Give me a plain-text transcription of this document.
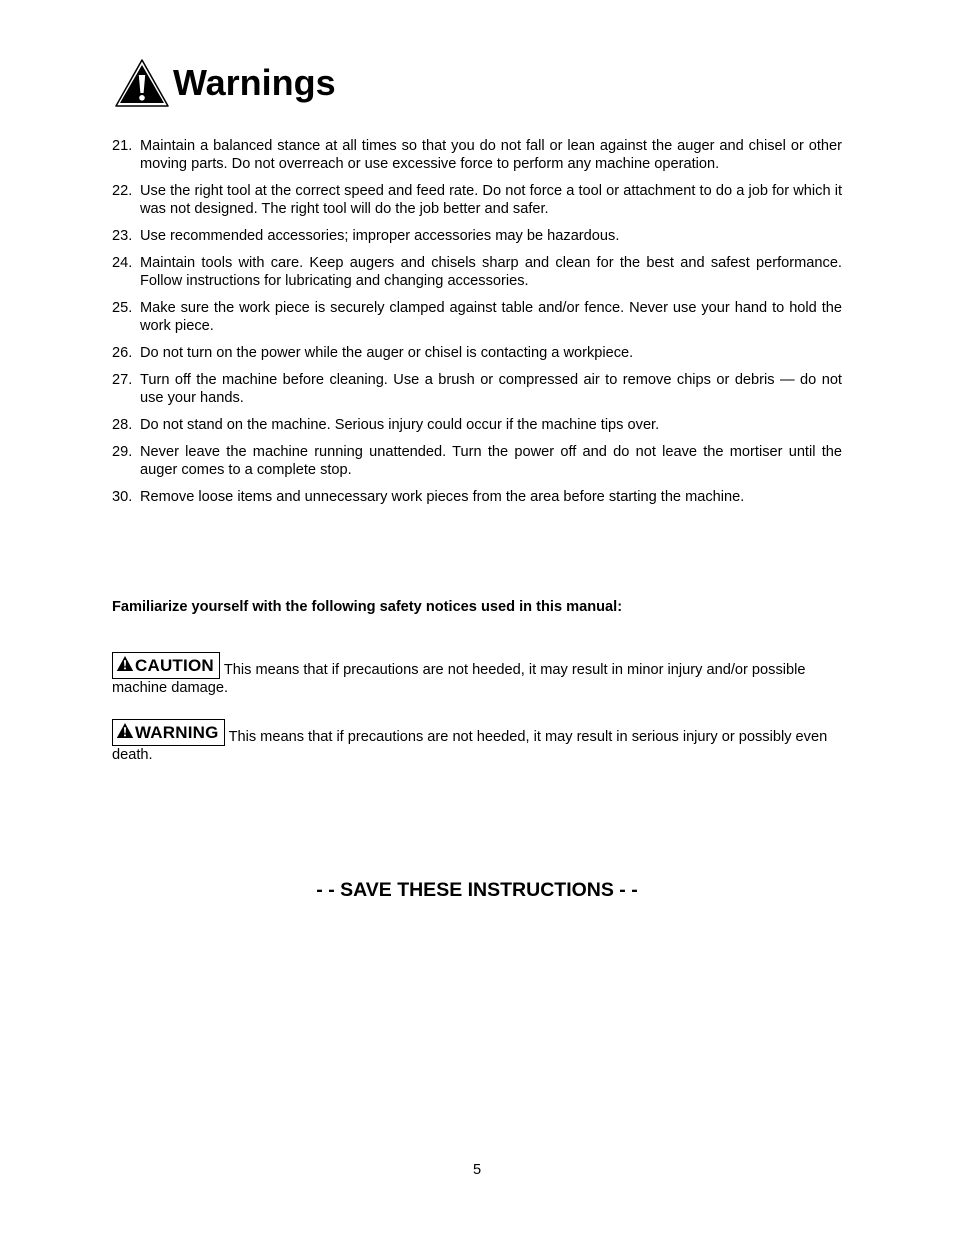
Warnings
21. Maintain a balanced stance at all times so that you do not fall or lean against the auger and chisel or other moving parts. Do not overreach or use excessive force to perform any machine operation.
22. Use the right tool at the correct speed and feed rate. Do not force a tool or attachment to do a job for which it was not designed. The right tool will do the job better and safer.
23. Use recommended accessories; improper accessories may be hazardous.
24. Maintain tools with care. Keep augers and chisels sharp and clean for the best and safest performance. Follow instructions for lubricating and changing accessories.
25. Make sure the work piece is securely clamped against table and/or fence. Never use your hand to hold the work piece.
26. Do not turn on the power while the auger or chisel is contacting a workpiece.
27. Turn off the machine before cleaning. Use a brush or compressed air to remove chips or debris — do not use your hands.
28. Do not stand on the machine. Serious injury could occur if the machine tips over.
29. Never leave the machine running unattended. Turn the power off and do not leave the mortiser until the auger comes to a complete stop.
30. Remove loose items and unnecessary work pieces from the area before starting the machine.
Familiarize yourself with the following safety notices used in this manual:
CAUTION This means that if precautions are not heeded, it may result in minor injury and/or possible machine damage.
WARNING This means that if precautions are not heeded, it may result in serious injury or possibly even death.
- - SAVE THESE INSTRUCTIONS - -
5
